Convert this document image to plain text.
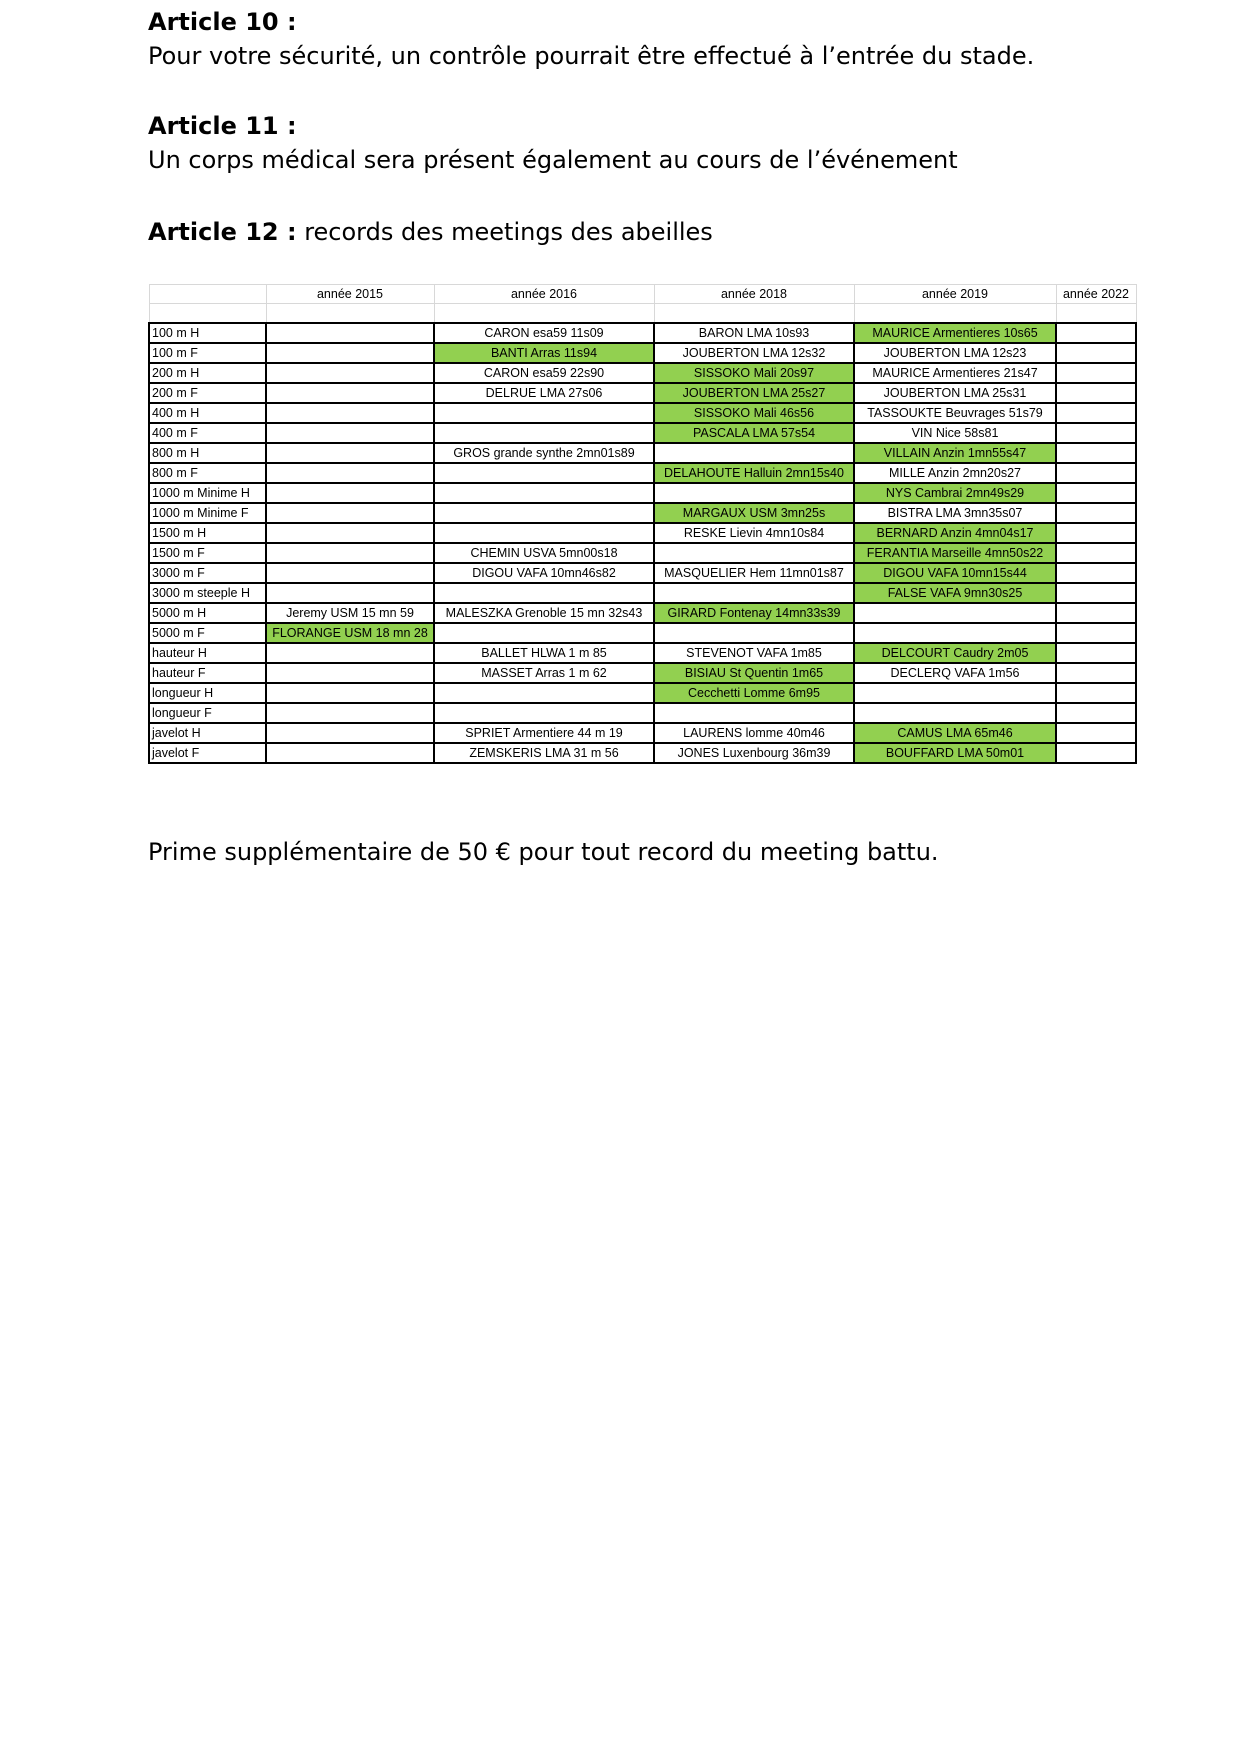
Article 10 :
Pour votre sécurité, un contrôle pourrait être effectué à l’entrée du stade.
Article 11 :
Un corps médical sera présent également au cours de l’événement
Article 12 : records des meetings des abeilles
	année 2015	année 2016	année 2018	année 2019	année 2022

100 m H		CARON esa59 11s09	BARON LMA 10s93	MAURICE Armentieres 10s65	
100 m F		BANTI Arras 11s94	JOUBERTON LMA 12s32	JOUBERTON LMA 12s23	
200 m H		CARON esa59 22s90	SISSOKO Mali 20s97	MAURICE Armentieres 21s47	
200 m F		DELRUE LMA 27s06	JOUBERTON LMA 25s27	JOUBERTON LMA 25s31	
400 m H			SISSOKO Mali 46s56	TASSOUKTE Beuvrages 51s79	
400 m F			PASCALA LMA 57s54	VIN Nice 58s81	
800 m H		GROS grande synthe 2mn01s89		VILLAIN Anzin 1mn55s47	
800 m F			DELAHOUTE Halluin 2mn15s40	MILLE Anzin 2mn20s27	
1000 m Minime H				NYS Cambrai 2mn49s29	
1000 m Minime F			MARGAUX USM 3mn25s	BISTRA LMA 3mn35s07	
1500 m H			RESKE Lievin 4mn10s84	BERNARD Anzin 4mn04s17	
1500 m F		CHEMIN USVA 5mn00s18		FERANTIA Marseille 4mn50s22	
3000 m F		DIGOU VAFA 10mn46s82	MASQUELIER Hem 11mn01s87	DIGOU VAFA 10mn15s44	
3000 m steeple H				FALSE VAFA 9mn30s25	
5000 m H	Jeremy USM 15 mn 59	MALESZKA Grenoble 15 mn 32s43	GIRARD Fontenay 14mn33s39		
5000 m F	FLORANGE USM 18 mn 28				
hauteur H		BALLET HLWA 1 m 85	STEVENOT VAFA 1m85	DELCOURT Caudry 2m05	
hauteur F		MASSET Arras 1 m 62	BISIAU St Quentin 1m65	DECLERQ VAFA 1m56	
longueur H			Cecchetti Lomme 6m95		
longueur F					
javelot H		SPRIET Armentiere 44 m 19	LAURENS lomme 40m46	CAMUS LMA 65m46	
javelot F		ZEMSKERIS LMA 31 m 56	JONES Luxenbourg 36m39	BOUFFARD LMA 50m01	
Prime supplémentaire de 50 € pour tout record du meeting battu.
